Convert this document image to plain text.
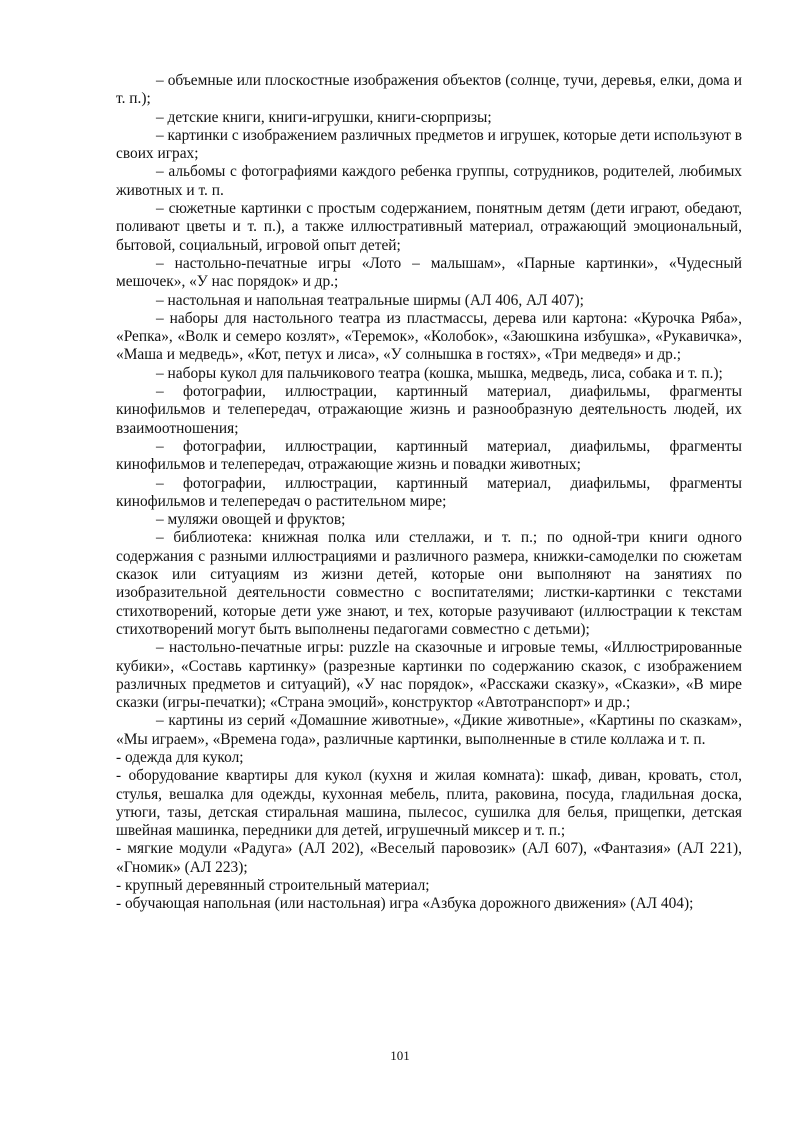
– объемные или плоскостные изображения объектов (солнце, тучи, деревья, елки, дома и т. п.);

– детские книги, книги-игрушки, книги-сюрпризы;

– картинки с изображением различных предметов и игрушек, которые дети используют в своих играх;

– альбомы с фотографиями каждого ребенка группы, сотрудников, родителей, любимых животных и т. п.

– сюжетные картинки с простым содержанием, понятным детям (дети играют, обедают, поливают цветы и т. п.), а также иллюстративный материал, отражающий эмоциональный, бытовой, социальный, игровой опыт детей;

– настольно-печатные игры «Лото – малышам», «Парные картинки», «Чудесный мешочек», «У нас порядок» и др.;

– настольная и напольная театральные ширмы (АЛ 406, АЛ 407);

– наборы для настольного театра из пластмассы, дерева или картона: «Курочка Ряба», «Репка», «Волк и семеро козлят», «Теремок», «Колобок», «Заюшкина избушка», «Рукавичка», «Маша и медведь», «Кот, петух и лиса», «У солнышка в гостях», «Три медведя» и др.;

– наборы кукол для пальчикового театра (кошка, мышка, медведь, лиса, собака и т. п.);

– фотографии, иллюстрации, картинный материал, диафильмы, фрагменты кинофильмов и телепередач, отражающие жизнь и разнообразную деятельность людей, их взаимоотношения;

– фотографии, иллюстрации, картинный материал, диафильмы, фрагменты кинофильмов и телепередач, отражающие жизнь и повадки животных;

– фотографии, иллюстрации, картинный материал, диафильмы, фрагменты кинофильмов и телепередач о растительном мире;

– муляжи овощей и фруктов;

– библиотека: книжная полка или стеллажи, и т. п.; по одной-три книги одного содержания с разными иллюстрациями и различного размера, книжки-самоделки по сюжетам сказок или ситуациям из жизни детей, которые они выполняют на занятиях по изобразительной деятельности совместно с воспитателями; листки-картинки с текстами стихотворений, которые дети уже знают, и тех, которые разучивают (иллюстрации к текстам стихотворений могут быть выполнены педагогами совместно с детьми);

– настольно-печатные игры: puzzle на сказочные и игровые темы, «Иллюстрированные кубики», «Составь картинку» (разрезные картинки по содержанию сказок, с изображением различных предметов и ситуаций), «У нас порядок», «Расскажи сказку», «Сказки», «В мире сказки (игры-печатки); «Страна эмоций», конструктор «Автотранспорт» и др.;

– картины из серий «Домашние животные», «Дикие животные», «Картины по сказкам», «Мы играем», «Времена года», различные картинки, выполненные в стиле коллажа и т. п.

- одежда для кукол;

- оборудование квартиры для кукол (кухня и жилая комната): шкаф, диван, кровать, стол, стулья, вешалка для одежды, кухонная мебель, плита, раковина, посуда, гладильная доска, утюги, тазы, детская стиральная машина, пылесос, сушилка для белья, прищепки, детская швейная машинка, передники для детей, игрушечный миксер и т. п.;

- мягкие модули «Радуга» (АЛ 202), «Веселый паровозик» (АЛ 607), «Фантазия» (АЛ 221), «Гномик» (АЛ 223);

- крупный деревянный строительный материал;

- обучающая напольная (или настольная) игра «Азбука дорожного движения» (АЛ 404);

101
